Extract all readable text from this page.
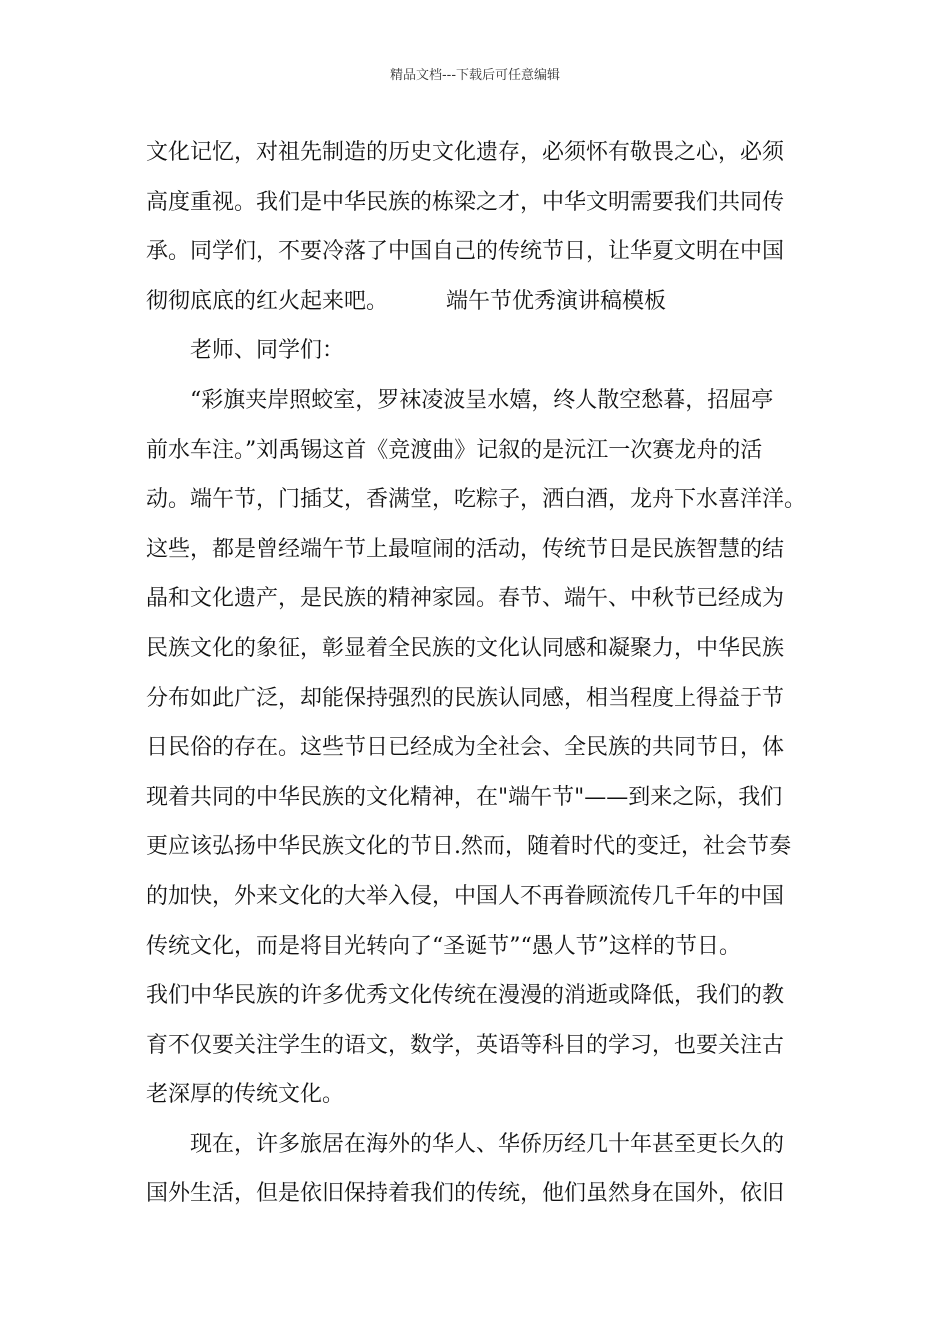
精品文档---下载后可任意编辑
文化记忆，对祖先制造的历史文化遗存，必须怀有敬畏之心，必须
高度重视。我们是中华民族的栋梁之才，中华文明需要我们共同传
承。同学们，不要冷落了中国自己的传统节日，让华夏文明在中国
彻彻底底的红火起来吧。	端午节优秀演讲稿模板
老师、同学们：
“彩旗夹岸照蛟室，罗袜凌波呈水嬉，终人散空愁暮，招屈亭
前水车注。”刘禹锡这首《竞渡曲》记叙的是沅江一次赛龙舟的活
动。端午节，门插艾，香满堂，吃粽子，洒白酒，龙舟下水喜洋洋。
这些，都是曾经端午节上最喧闹的活动，传统节日是民族智慧的结
晶和文化遗产，是民族的精神家园。春节、端午、中秋节已经成为
民族文化的象征，彰显着全民族的文化认同感和凝聚力，中华民族
分布如此广泛，却能保持强烈的民族认同感，相当程度上得益于节
日民俗的存在。这些节日已经成为全社会、全民族的共同节日，体
现着共同的中华民族的文化精神，在"端午节"——到来之际，我们
更应该弘扬中华民族文化的节日.然而，随着时代的变迁，社会节奏
的加快，外来文化的大举入侵，中国人不再眷顾流传几千年的中国
传统文化，而是将目光转向了“圣诞节”“愚人节”这样的节日。
我们中华民族的许多优秀文化传统在漫漫的消逝或降低，我们的教
育不仅要关注学生的语文，数学，英语等科目的学习，也要关注古
老深厚的传统文化。
现在，许多旅居在海外的华人、华侨历经几十年甚至更长久的
国外生活，但是依旧保持着我们的传统，他们虽然身在国外，依旧
